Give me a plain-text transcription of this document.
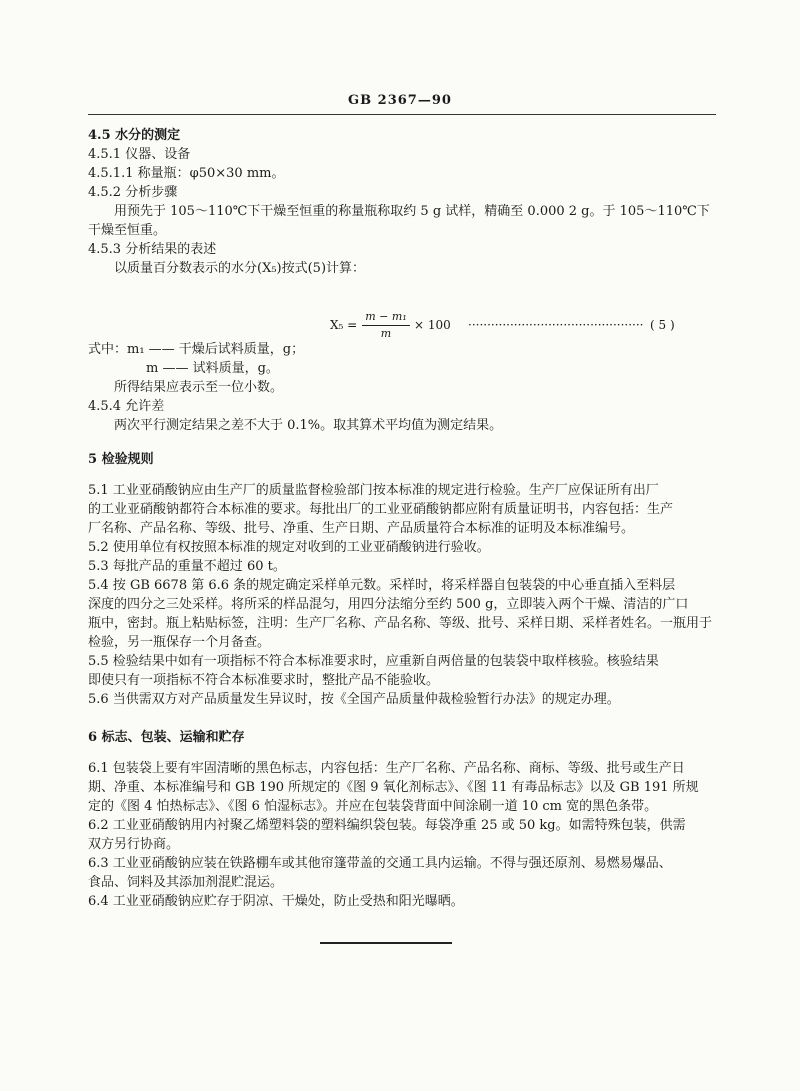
GB 2367—90
4.5 水分的测定
4.5.1 仪器、设备
4.5.1.1 称量瓶：φ50×30 mm。
4.5.2 分析步骤
用预先于 105～110℃下干燥至恒重的称量瓶称取约 5 g 试样，精确至 0.000 2 g。于 105～110℃下
干燥至恒重。
4.5.3 分析结果的表述
以质量百分数表示的水分(X₅)按式(5)计算：
X₅ =
m − m₁
m
× 100 ·············································· ( 5 )
式中：m₁ —— 干燥后试料质量，g；
m —— 试料质量，g。
所得结果应表示至一位小数。
4.5.4 允许差
两次平行测定结果之差不大于 0.1%。取其算术平均值为测定结果。
5 检验规则
5.1 工业亚硝酸钠应由生产厂的质量监督检验部门按本标准的规定进行检验。生产厂应保证所有出厂
的工业亚硝酸钠都符合本标准的要求。每批出厂的工业亚硝酸钠都应附有质量证明书，内容包括：生产
厂名称、产品名称、等级、批号、净重、生产日期、产品质量符合本标准的证明及本标准编号。
5.2 使用单位有权按照本标准的规定对收到的工业亚硝酸钠进行验收。
5.3 每批产品的重量不超过 60 t。
5.4 按 GB 6678 第 6.6 条的规定确定采样单元数。采样时，将采样器自包装袋的中心垂直插入至料层
深度的四分之三处采样。将所采的样品混匀，用四分法缩分至约 500 g，立即装入两个干燥、清洁的广口
瓶中，密封。瓶上粘贴标签，注明：生产厂名称、产品名称、等级、批号、采样日期、采样者姓名。一瓶用于
检验，另一瓶保存一个月备查。
5.5 检验结果中如有一项指标不符合本标准要求时，应重新自两倍量的包装袋中取样核验。核验结果
即使只有一项指标不符合本标准要求时，整批产品不能验收。
5.6 当供需双方对产品质量发生异议时，按《全国产品质量仲裁检验暂行办法》的规定办理。
6 标志、包装、运输和贮存
6.1 包装袋上要有牢固清晰的黑色标志，内容包括：生产厂名称、产品名称、商标、等级、批号或生产日
期、净重、本标准编号和 GB 190 所规定的《图 9 氧化剂标志》、《图 11 有毒品标志》以及 GB 191 所规
定的《图 4 怕热标志》、《图 6 怕湿标志》。并应在包装袋背面中间涂刷一道 10 cm 宽的黑色条带。
6.2 工业亚硝酸钠用内衬聚乙烯塑料袋的塑料编织袋包装。每袋净重 25 或 50 kg。如需特殊包装，供需
双方另行协商。
6.3 工业亚硝酸钠应装在铁路棚车或其他帘篷带盖的交通工具内运输。不得与强还原剂、易燃易爆品、
食品、饲料及其添加剂混贮混运。
6.4 工业亚硝酸钠应贮存于阴凉、干燥处，防止受热和阳光曝晒。
